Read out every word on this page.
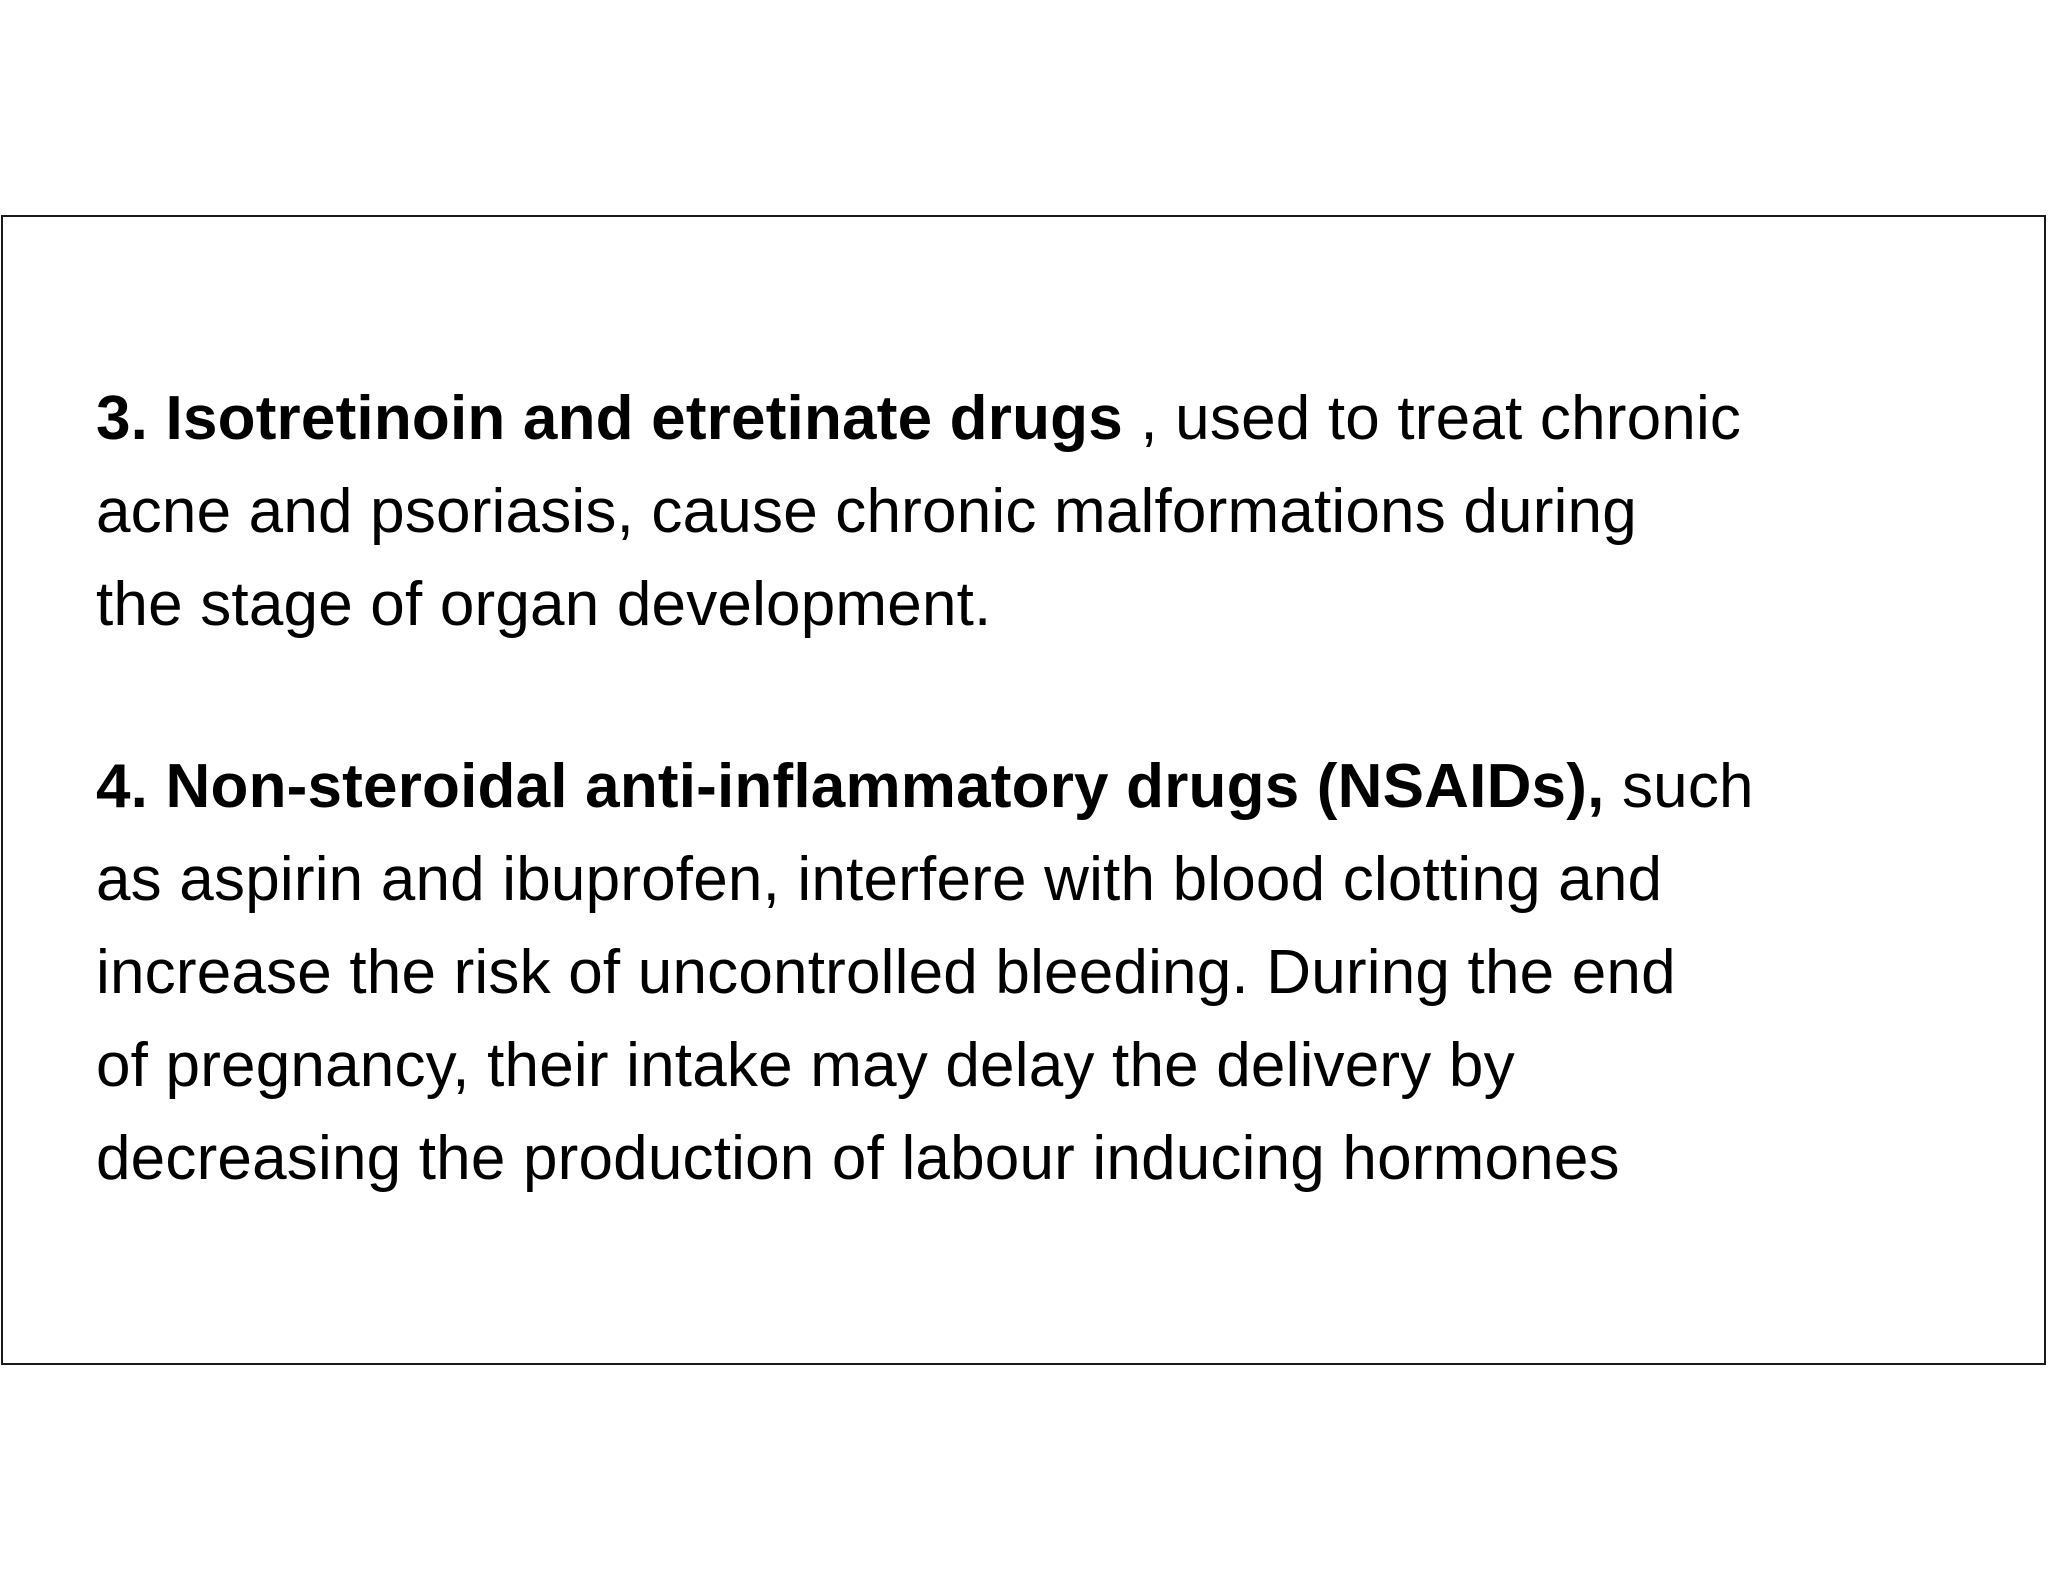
3. Isotretinoin and etretinate drugs , used to treat chronic
acne and psoriasis, cause chronic malformations during
the stage of organ development.
4. Non-steroidal anti-inflammatory drugs (NSAIDs), such
as aspirin and ibuprofen, interfere with blood clotting and
increase the risk of uncontrolled bleeding. During the end
of pregnancy, their intake may delay the delivery by
decreasing the production of labour inducing hormones
